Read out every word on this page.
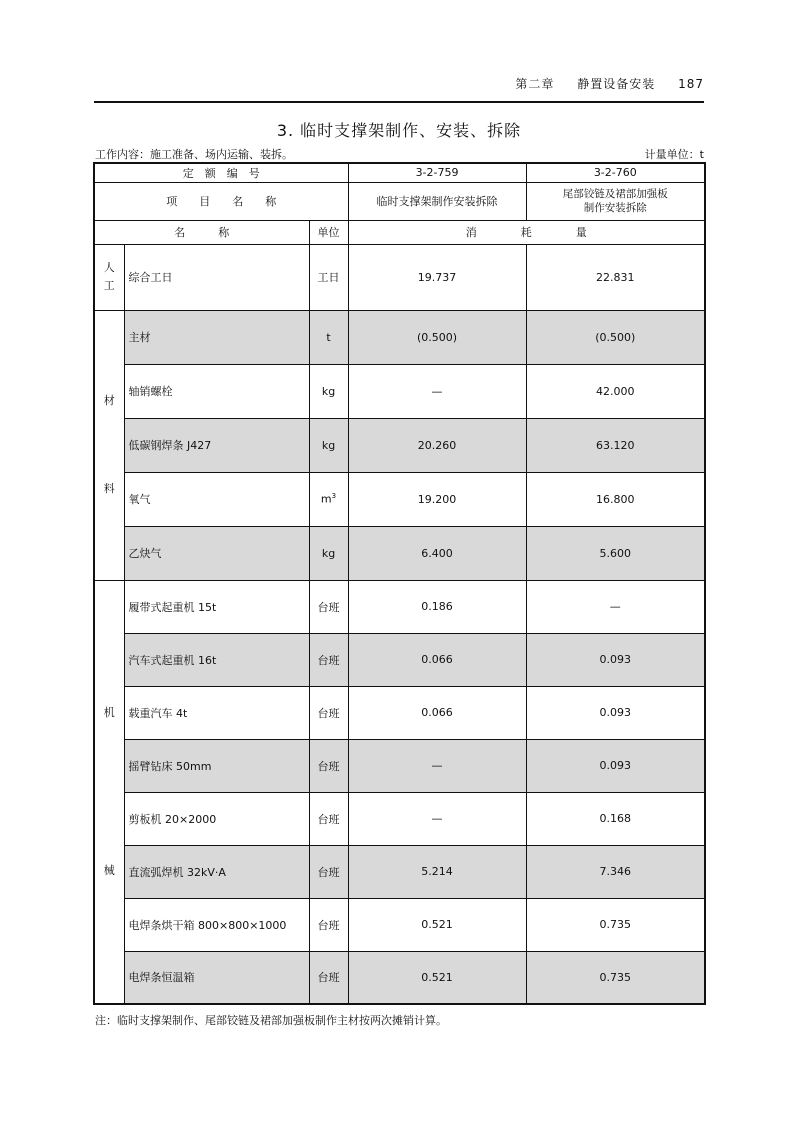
第二章 静置设备安装 187
3. 临时支撑架制作、安装、拆除
工作内容：施工准备、场内运输、装拆。	计量单位：t
定　额　编　号			3-2-759	3-2-760
项　　目　　名　　称			临时支撑架制作安装拆除	尾部铰链及裙部加强板
制作安装拆除

名　　　称		单位	消　　　　耗　　　　量	

人
工	综合工日	工日	19.737	22.831

材
料	主材	t	(0.500)	(0.500)
	轴销螺栓	kg	—	42.000
	低碳钢焊条 J427	kg	20.260	63.120
	氧气	$m^3$	19.200	16.800
	乙炔气	kg	6.400	5.600

机
械	履带式起重机 15t	台班	0.186	—
	汽车式起重机 16t	台班	0.066	0.093
	载重汽车 4t	台班	0.066	0.093
	摇臂钻床 50mm	台班	—	0.093
	剪板机 20×2000	台班	—	0.168
	直流弧焊机 32kV·A	台班	5.214	7.346
	电焊条烘干箱 800×800×1000	台班	0.521	0.735
	电焊条恒温箱	台班	0.521	0.735
注：临时支撑架制作、尾部铰链及裙部加强板制作主材按两次摊销计算。
